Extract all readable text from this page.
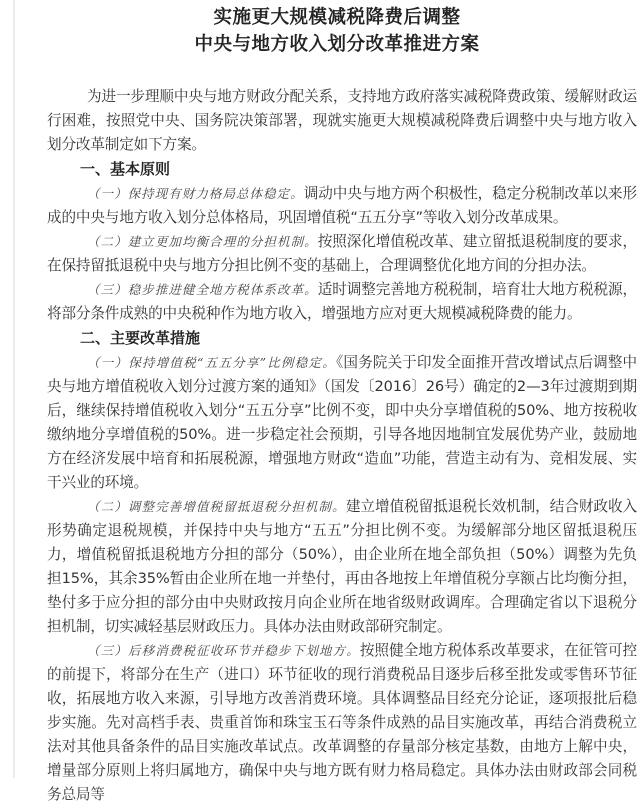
实施更大规模减税降费后调整
中央与地方收入划分改革推进方案

为进一步理顺中央与地方财政分配关系，支持地方政府落实减税降费政策、缓解财政运行困难，按照党中央、国务院决策部署，现就实施更大规模减税降费后调整中央与地方收入划分改革制定如下方案。

一、基本原则

（一）保持现有财力格局总体稳定。调动中央与地方两个积极性，稳定分税制改革以来形成的中央与地方收入划分总体格局，巩固增值税“五五分享”等收入划分改革成果。

（二）建立更加均衡合理的分担机制。按照深化增值税改革、建立留抵退税制度的要求，在保持留抵退税中央与地方分担比例不变的基础上，合理调整优化地方间的分担办法。

（三）稳步推进健全地方税体系改革。适时调整完善地方税税制，培育壮大地方税税源，将部分条件成熟的中央税种作为地方收入，增强地方应对更大规模减税降费的能力。

二、主要改革措施

（一）保持增值税“五五分享”比例稳定。《国务院关于印发全面推开营改增试点后调整中央与地方增值税收入划分过渡方案的通知》（国发〔2016〕26号）确定的2—3年过渡期到期后，继续保持增值税收入划分“五五分享”比例不变，即中央分享增值税的50%、地方按税收缴纳地分享增值税的50%。进一步稳定社会预期，引导各地因地制宜发展优势产业，鼓励地方在经济发展中培育和拓展税源，增强地方财政“造血”功能，营造主动有为、竞相发展、实干兴业的环境。

（二）调整完善增值税留抵退税分担机制。建立增值税留抵退税长效机制，结合财政收入形势确定退税规模，并保持中央与地方“五五”分担比例不变。为缓解部分地区留抵退税压力，增值税留抵退税地方分担的部分（50%），由企业所在地全部负担（50%）调整为先负担15%，其余35%暂由企业所在地一并垫付，再由各地按上年增值税分享额占比均衡分担，垫付多于应分担的部分由中央财政按月向企业所在地省级财政调库。合理确定省以下退税分担机制，切实减轻基层财政压力。具体办法由财政部研究制定。

（三）后移消费税征收环节并稳步下划地方。按照健全地方税体系改革要求，在征管可控的前提下，将部分在生产（进口）环节征收的现行消费税品目逐步后移至批发或零售环节征收，拓展地方收入来源，引导地方改善消费环境。具体调整品目经充分论证，逐项报批后稳步实施。先对高档手表、贵重首饰和珠宝玉石等条件成熟的品目实施改革，再结合消费税立法对其他具备条件的品目实施改革试点。改革调整的存量部分核定基数，由地方上解中央，增量部分原则上将归属地方，确保中央与地方既有财力格局稳定。具体办法由财政部会同税务总局等
